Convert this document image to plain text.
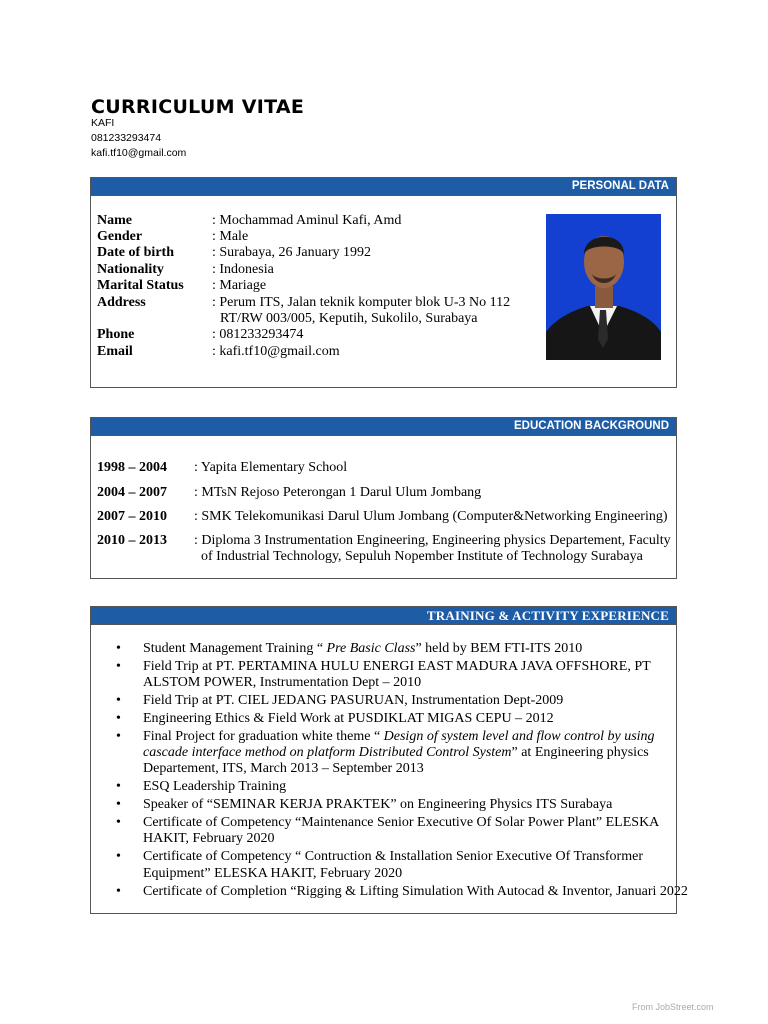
CURRICULUM VITAE
KAFI
081233293474
kafi.tf10@gmail.com
PERSONAL DATA
Name	: Mochammad Aminul Kafi, Amd
Gender	: Male
Date of birth	: Surabaya, 26 January 1992
Nationality	: Indonesia
Marital Status	: Mariage
Address	: Perum ITS, Jalan teknik komputer blok U-3 No 112
RT/RW 003/005, Keputih, Sukolilo, Surabaya
Phone	: 081233293474
Email	: kafi.tf10@gmail.com
EDUCATION BACKGROUND
1998 – 2004 : Yapita Elementary School
2004 – 2007 : MTsN Rejoso Peterongan 1 Darul Ulum Jombang
2007 – 2010 : SMK Telekomunikasi Darul Ulum Jombang (Computer&Networking Engineering)
2010 – 2013 : Diploma 3 Instrumentation Engineering, Engineering physics Departement, Faculty
of Industrial Technology, Sepuluh Nopember Institute of Technology Surabaya
TRAINING & ACTIVITY EXPERIENCE
• Student Management Training “ Pre Basic Class” held by BEM FTI-ITS 2010
• Field Trip at PT. PERTAMINA HULU ENERGI EAST MADURA JAVA OFFSHORE, PT ALSTOM POWER, Instrumentation Dept – 2010
• Field Trip at PT. CIEL JEDANG PASURUAN, Instrumentation Dept-2009
• Engineering Ethics & Field Work at PUSDIKLAT MIGAS CEPU – 2012
• Final Project for graduation white theme “ Design of system level and flow control by using cascade interface method on platform Distributed Control System” at Engineering physics Departement, ITS, March 2013 – September 2013
• ESQ Leadership Training
• Speaker of “SEMINAR KERJA PRAKTEK” on Engineering Physics ITS Surabaya
• Certificate of Competency “Maintenance Senior Executive Of Solar Power Plant” ELESKA HAKIT, February 2020
• Certificate of Competency “ Contruction & Installation Senior Executive Of Transformer Equipment” ELESKA HAKIT, February 2020
• Certificate of Completion “Rigging & Lifting Simulation With Autocad & Inventor, Januari 2022
From JobStreet.com
